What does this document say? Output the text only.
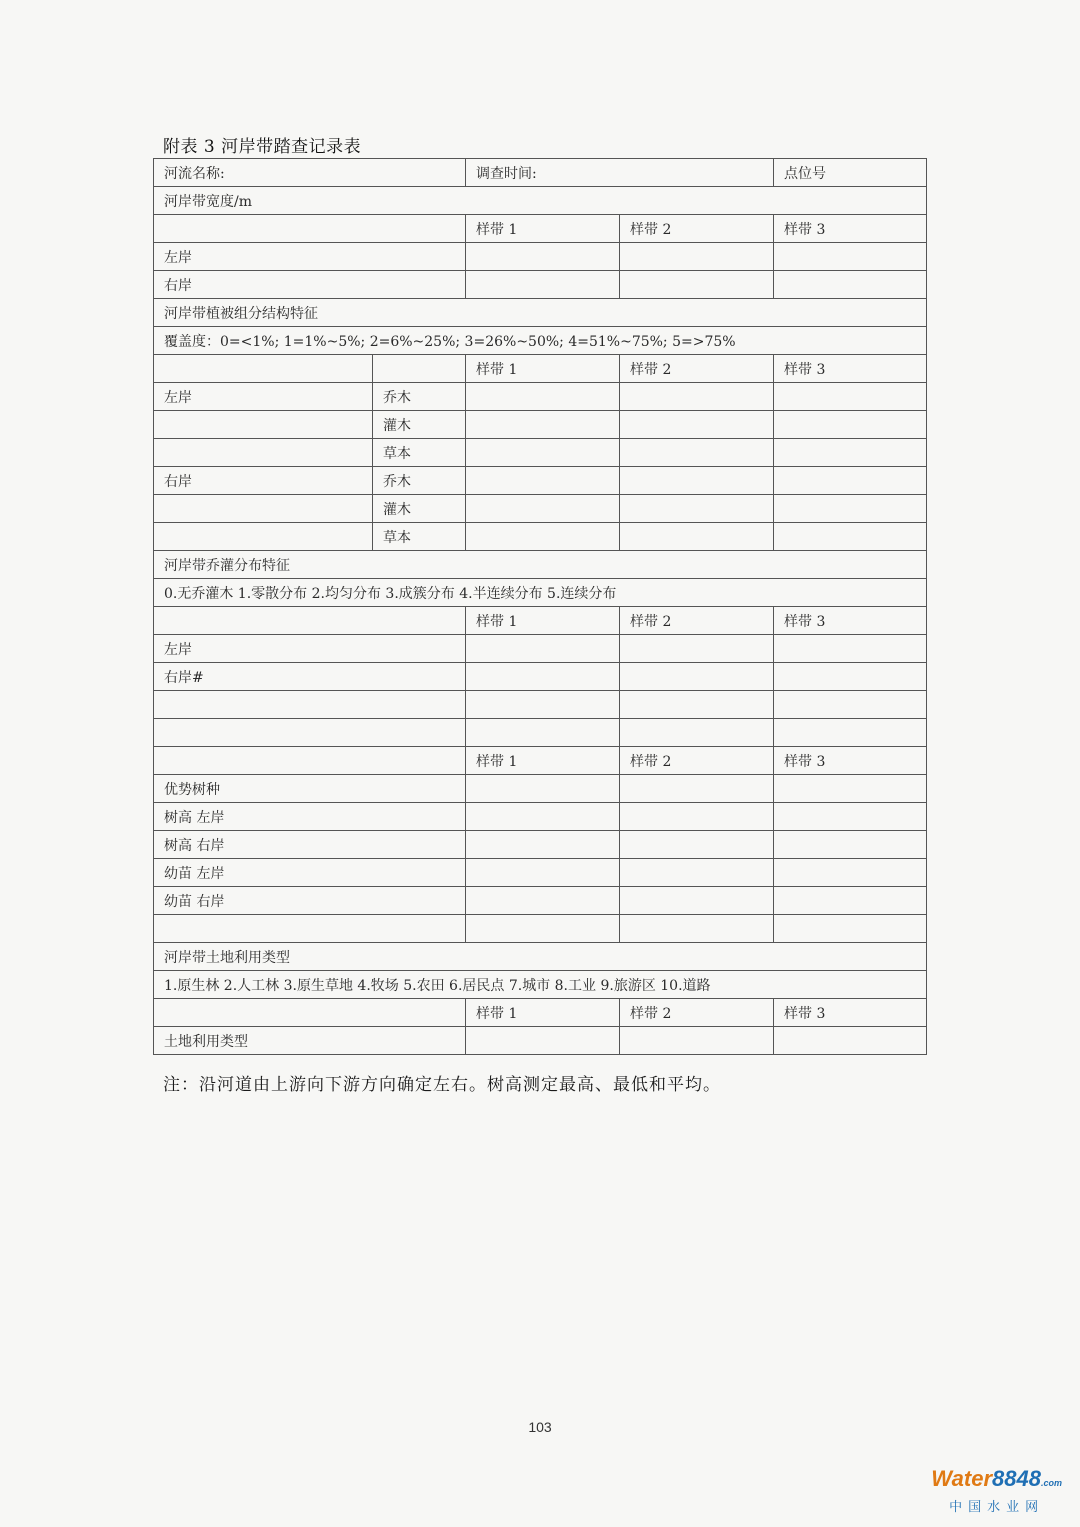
附表 3 河岸带踏查记录表
河流名称:		调查时间:		点位号
河岸带宽度/m				
		样带 1	样带 2	样带 3
左岸				
右岸				
河岸带植被组分结构特征				
覆盖度：0=<1%; 1=1%~5%; 2=6%~25%; 3=26%~50%; 4=51%~75%; 5=>75%				
		样带 1	样带 2	样带 3
左岸	乔木			
	灌木			
	草本			
右岸	乔木			
	灌木			
	草本			
河岸带乔灌分布特征				
0.无乔灌木 1.零散分布 2.均匀分布 3.成簇分布 4.半连续分布 5.连续分布				
		样带 1	样带 2	样带 3
左岸				
右岸#				

		样带 1	样带 2	样带 3
优势树种				
树高 左岸				
树高 右岸				
幼苗 左岸				
幼苗 右岸				

河岸带土地利用类型				
1.原生林 2.人工林 3.原生草地 4.牧场 5.农田 6.居民点 7.城市 8.工业 9.旅游区 10.道路				
		样带 1	样带 2	样带 3
土地利用类型				
注：沿河道由上游向下游方向确定左右。树高测定最高、最低和平均。
103
Water8848.com
中国水业网
